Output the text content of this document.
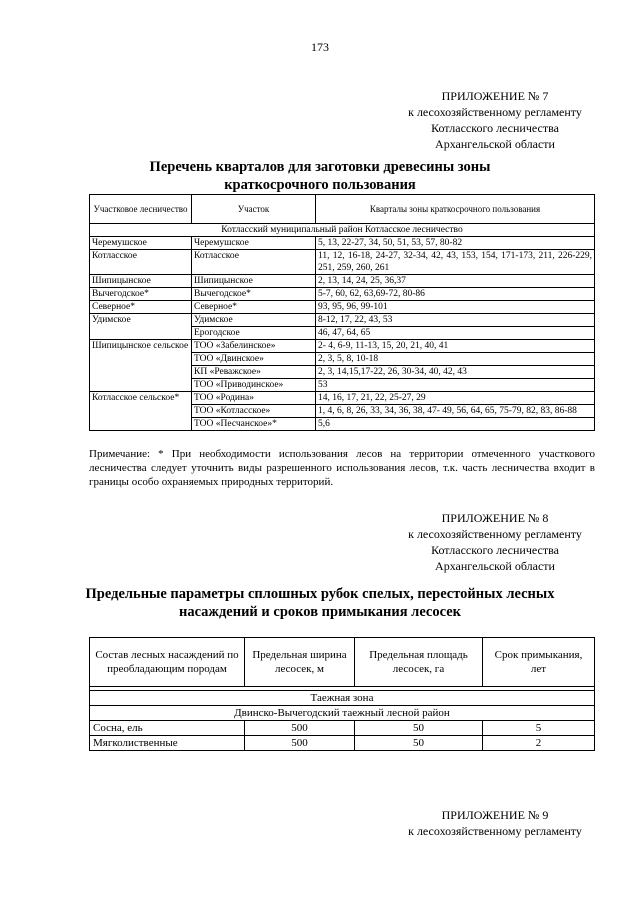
173
ПРИЛОЖЕНИЕ № 7
к лесохозяйственному регламенту
Котласского лесничества
Архангельской области
Перечень кварталов для заготовки древесины зоны
краткосрочного пользования
Участковое лесничество	Участок	Кварталы зоны краткосрочного пользования
Котласский муниципальный район Котласское лесничество		
Черемушское	Черемушское	5, 13, 22-27, 34, 50, 51, 53, 57, 80-82
Котласское	Котласское	11, 12, 16-18, 24-27, 32-34, 42, 43, 153, 154, 171-173, 211, 226-229, 251, 259, 260, 261
Шипицынское	Шипицынское	2, 13, 14, 24, 25, 36,37
Вычегодское*	Вычегодское*	5-7, 60, 62, 63,69-72, 80-86
Северное*	Северное*	93, 95, 96, 99-101
Удимское	Удимское	8-12, 17, 22, 43, 53
	Ерогодское	46, 47, 64, 65
Шипицынское сельское	ТОО «Забелинское»	2- 4, 6-9, 11-13, 15, 20, 21, 40, 41
	ТОО «Двинское»	2, 3, 5, 8, 10-18
	КП «Реважское»	2, 3, 14,15,17-22, 26, 30-34, 40, 42, 43
	ТОО «Приводинское»	53
Котласское сельское*	ТОО «Родина»	14, 16, 17, 21, 22, 25-27, 29
	ТОО «Котласское»	1, 4, 6, 8, 26, 33, 34, 36, 38, 47- 49, 56, 64, 65, 75-79, 82, 83, 86-88
	ТОО «Песчанское»*	5,6
Примечание: * При необходимости использования лесов на территории отмеченного участкового лесничества следует уточнить виды разрешенного использования лесов, т.к. часть лесничества входит в границы особо охраняемых природных территорий.
ПРИЛОЖЕНИЕ № 8
к лесохозяйственному регламенту
Котласского лесничества
Архангельской области
Предельные параметры сплошных рубок спелых, перестойных лесных
насаждений и сроков примыкания лесосек
Состав лесных насаждений по преобладающим породам	Предельная ширина лесосек, м	Предельная площадь лесосек, га	Срок примыкания, лет

Таежная зона			
Двинско-Вычегодский таежный лесной район			
Сосна, ель	500	50	5
Мягколиственные	500	50	2
ПРИЛОЖЕНИЕ № 9
к лесохозяйственному регламенту
